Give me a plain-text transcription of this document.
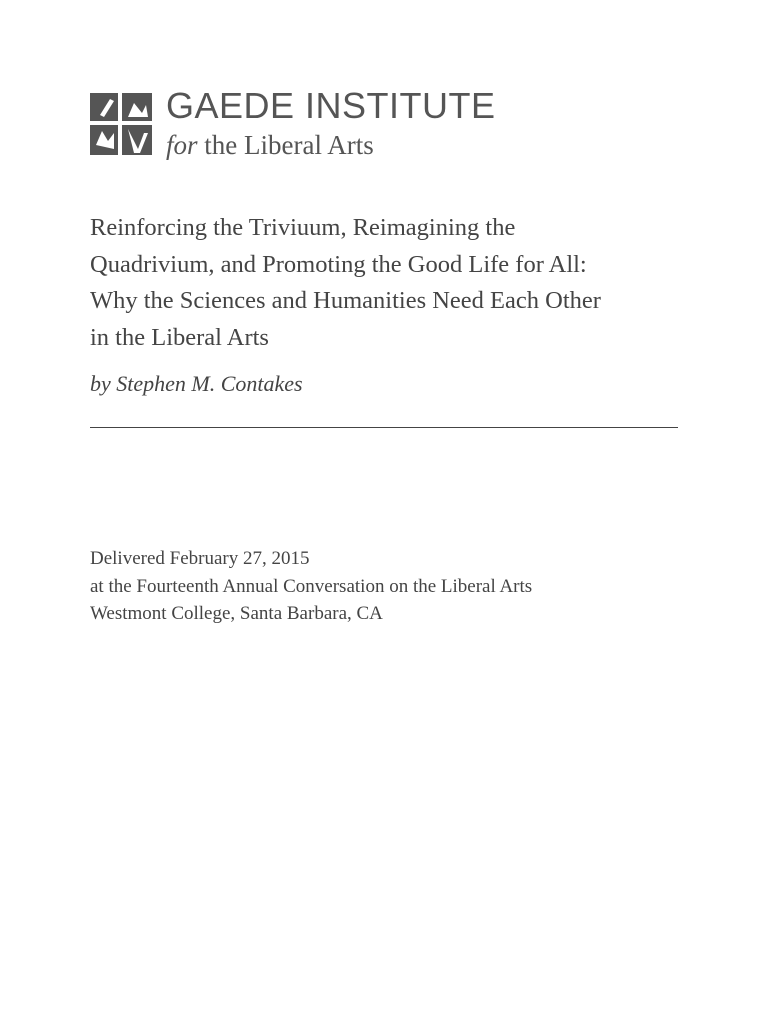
GAEDE INSTITUTE
for the Liberal Arts
Reinforcing the Triviuum, Reimagining the
Quadrivium, and Promoting the Good Life for All:
Why the Sciences and Humanities Need Each Other
in the Liberal Arts
by Stephen M. Contakes
Delivered February 27, 2015
at the Fourteenth Annual Conversation on the Liberal Arts
Westmont College, Santa Barbara, CA
